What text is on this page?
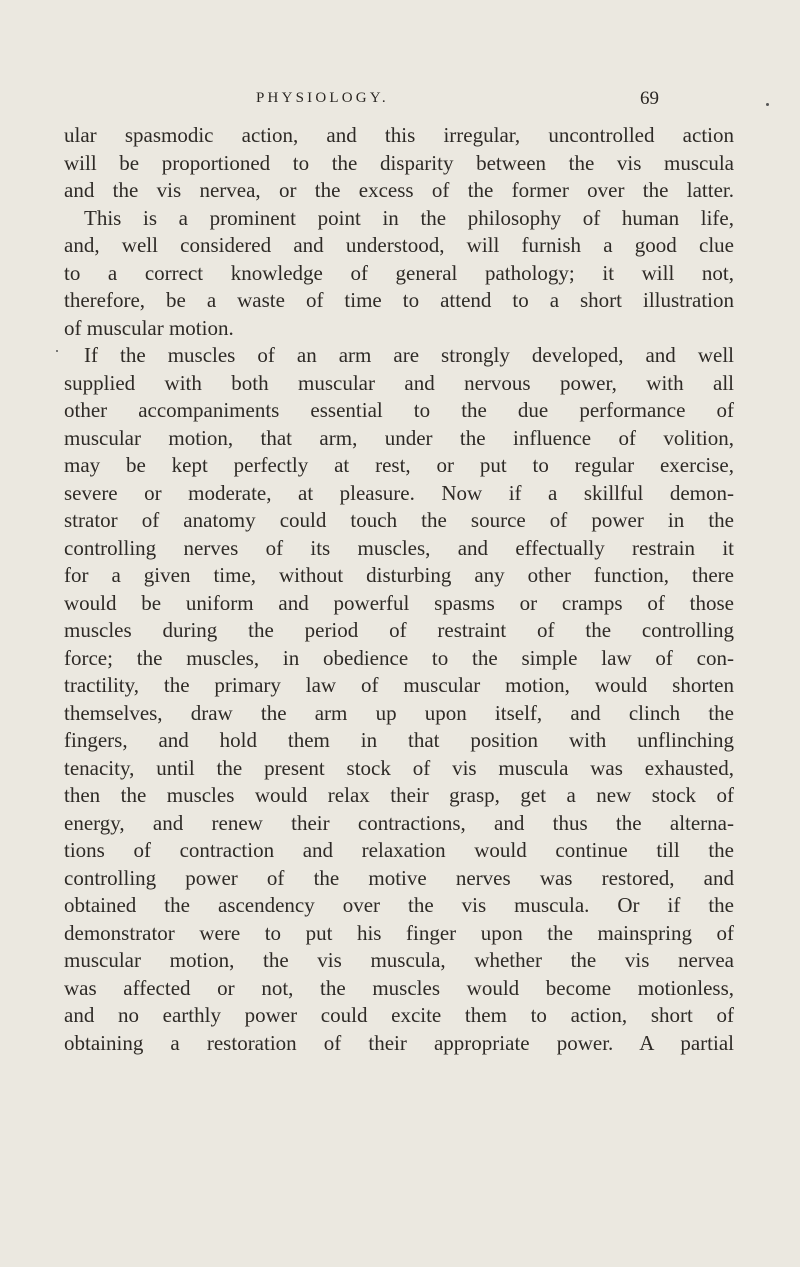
PHYSIOLOGY.	69
ular spasmodic action, and this irregular, uncontrolled action
will be proportioned to the disparity between the vis muscula
and the vis nervea, or the excess of the former over the latter.
This is a prominent point in the philosophy of human life,
and, well considered and understood, will furnish a good clue
to a correct knowledge of general pathology; it will not,
therefore, be a waste of time to attend to a short illustration
of muscular motion.
If the muscles of an arm are strongly developed, and well
supplied with both muscular and nervous power, with all
other accompaniments essential to the due performance of
muscular motion, that arm, under the influence of volition,
may be kept perfectly at rest, or put to regular exercise,
severe or moderate, at pleasure. Now if a skillful demon-
strator of anatomy could touch the source of power in the
controlling nerves of its muscles, and effectually restrain it
for a given time, without disturbing any other function, there
would be uniform and powerful spasms or cramps of those
muscles during the period of restraint of the controlling
force; the muscles, in obedience to the simple law of con-
tractility, the primary law of muscular motion, would shorten
themselves, draw the arm up upon itself, and clinch the
fingers, and hold them in that position with unflinching
tenacity, until the present stock of vis muscula was exhausted,
then the muscles would relax their grasp, get a new stock of
energy, and renew their contractions, and thus the alterna-
tions of contraction and relaxation would continue till the
controlling power of the motive nerves was restored, and
obtained the ascendency over the vis muscula. Or if the
demonstrator were to put his finger upon the mainspring of
muscular motion, the vis muscula, whether the vis nervea
was affected or not, the muscles would become motionless,
and no earthly power could excite them to action, short of
obtaining a restoration of their appropriate power. A partial
